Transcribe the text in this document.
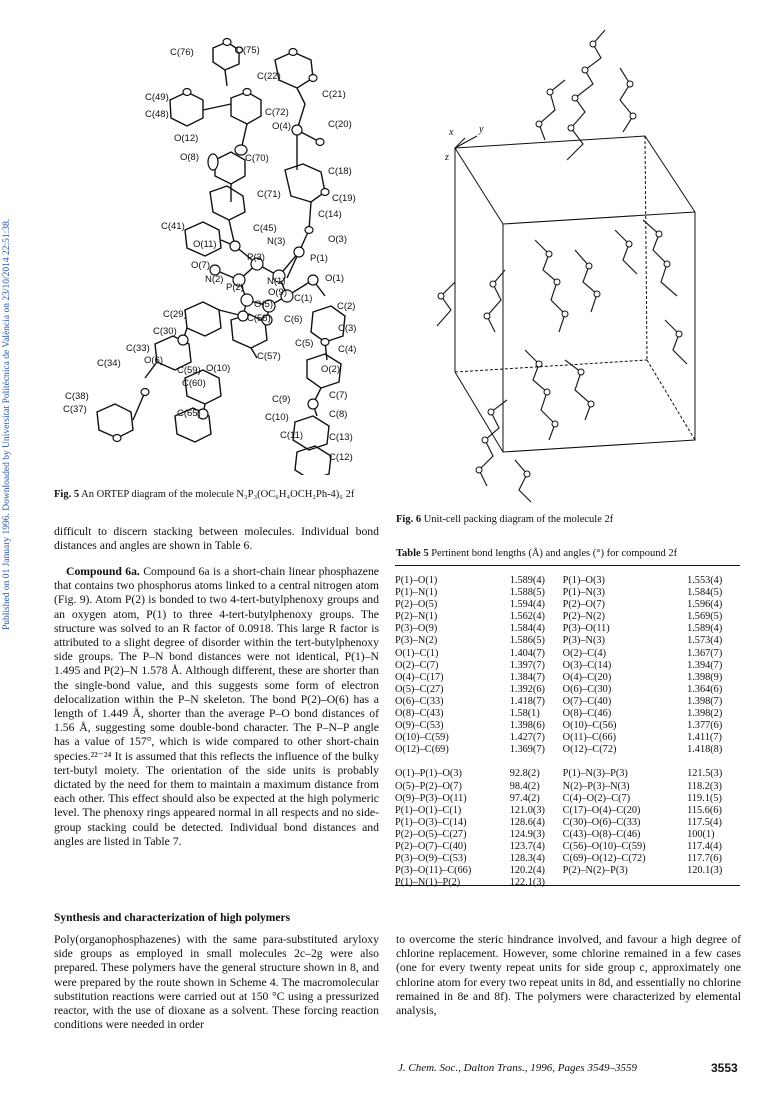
Published on 01 January 1996. Downloaded by Universitat Politècnica de València on 23/10/2014 22:51:38.
C(76)	C(75)
C(22)
C(49)	C(21)
C(48)	C(72)
O(4)	C(20)
O(12)
O(8)	C(70)
C(18)
C(71)	C(19)
C(14)
C(41)	C(45)
O(11)	N(3)	O(3)
P(3)	P(1)
O(7)
N(2)	N(1)	O(1)
P(2)	O(9)
O(5)
C(1)
C(2)
C(29)	C(58) C(6)
C(3)
C(30)
C(5)
C(4)
C(57)
C(33)
O(6)
C(34)
C(59) O(10)	O(2)
C(60)
C(7)
C(38)	C(9)
C(8)
C(37)	C(65)	C(10)
C(13)
C(11)
C(12)
Fig. 5 An ORTEP diagram of the molecule N₃P₃(OC₆H₄OCH₂Ph-4)₆ 2f
x	y
z
Fig. 6 Unit-cell packing diagram of the molecule 2f
difficult to discern stacking between molecules. Individual bond distances and angles are shown in Table 6.
Compound 6a. Compound 6a is a short-chain linear phosphazene that contains two phosphorus atoms linked to a central nitrogen atom (Fig. 9). Atom P(2) is bonded to two 4-tert-butylphenoxy groups and an oxygen atom, P(1) to three 4-tert-butylphenoxy groups. The structure was solved to an R factor of 0.0918. This large R factor is attributed to a slight degree of disorder within the tert-butylphenoxy side groups. The P–N bond distances were not identical, P(1)–N 1.495 and P(2)–N 1.578 Å. Although different, these are shorter than the single-bond value, and this suggests some form of electron delocalization within the P–N skeleton. The bond P(2)–O(6) has a length of 1.449 Å, shorter than the average P–O bond distances of 1.56 Å, suggesting some double-bond character. The P–N–P angle has a value of 157°, which is wide compared to other short-chain species.²²⁻²⁴ It is assumed that this reflects the influence of the bulky tert-butyl moiety. The orientation of the side units is probably dictated by the need for them to maintain a maximum distance from each other. This effect should also be expected at the high polymeric level. The phenoxy rings appeared normal in all respects and no side-group stacking could be detected. Individual bond distances and angles are listed in Table 7.
Synthesis and characterization of high polymers
Poly(organophosphazenes) with the same para-substituted aryloxy side groups as employed in small molecules 2c–2g were also prepared. These polymers have the general structure shown in 8, and were prepared by the route shown in Scheme 4. The macromolecular substitution reactions were carried out at 150 °C using a pressurized reactor, with the use of dioxane as a solvent. These forcing reaction conditions were needed in order
Table 5 Pertinent bond lengths (Å) and angles (°) for compound 2f
P(1)–O(1)	1.589(4)	P(1)–O(3)	1.553(4)
P(1)–N(1)	1.588(5)	P(1)–N(3)	1.584(5)
P(2)–O(5)	1.594(4)	P(2)–O(7)	1.596(4)
P(2)–N(1)	1.562(4)	P(2)–N(2)	1.569(5)
P(3)–O(9)	1.584(4)	P(3)–O(11)	1.589(4)
P(3)–N(2)	1.586(5)	P(3)–N(3)	1.573(4)
O(1)–C(1)	1.404(7)	O(2)–C(4)	1.367(7)
O(2)–C(7)	1.397(7)	O(3)–C(14)	1.394(7)
O(4)–C(17)	1.384(7)	O(4)–C(20)	1.398(9)
O(5)–C(27)	1.392(6)	O(6)–C(30)	1.364(6)
O(6)–C(33)	1.418(7)	O(7)–C(40)	1.398(7)
O(8)–C(43)	1.58(1)	O(8)–C(46)	1.398(2)
O(9)–C(53)	1.398(6)	O(10)–C(56)	1.377(6)
O(10)–C(59)	1.427(7)	O(11)–C(66)	1.411(7)
O(12)–C(69)	1.369(7)	O(12)–C(72)	1.418(8)

O(1)–P(1)–O(3)	92.8(2)	P(1)–N(3)–P(3)	121.5(3)
O(5)–P(2)–O(7)	98.4(2)	N(2)–P(3)–N(3)	118.2(3)
O(9)–P(3)–O(11)	97.4(2)	C(4)–O(2)–C(7)	119.1(5)
P(1)–O(1)–C(1)	121.0(3)	C(17)–O(4)–C(20)	115.6(6)
P(1)–O(3)–C(14)	128.6(4)	C(30)–O(6)–C(33)	117.5(4)
P(2)–O(5)–C(27)	124.9(3)	C(43)–O(8)–C(46)	100(1)
P(2)–O(7)–C(40)	123.7(4)	C(56)–O(10)–C(59)	117.4(4)
P(3)–O(9)–C(53)	128.3(4)	C(69)–O(12)–C(72)	117.7(6)
P(3)–O(11)–C(66)	120.2(4)	P(2)–N(2)–P(3)	120.1(3)
P(1)–N(1)–P(2)	122.1(3)		
to overcome the steric hindrance involved, and favour a high degree of chlorine replacement. However, some chlorine remained in a few cases (one for every twenty repeat units for side group c, approximately one chlorine atom for every two repeat units in 8d, and essentially no chlorine remained in 8e and 8f). The polymers were characterized by elemental analysis,
J. Chem. Soc., Dalton Trans., 1996, Pages 3549–3559	3553
